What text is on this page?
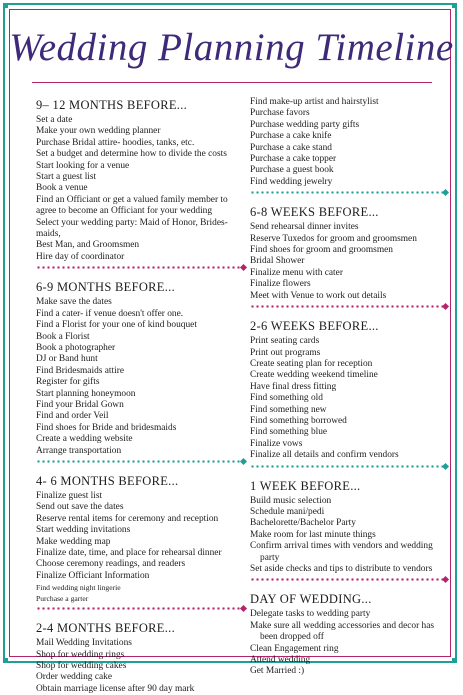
Wedding Planning Timeline
9– 12 MONTHS BEFORE...
Set a date
Make your own wedding planner
Purchase Bridal attire- hoodies, tanks, etc.
Set a budget and determine how to divide the costs
Start looking for a venue
Start a guest list
Book a venue
Find an Officiant or get a valued family member to
agree to become an Officiant for your wedding
Select your wedding party: Maid of Honor, Brides-
maids,
Best Man, and Groomsmen
Hire day of coordinator
6-9 MONTHS BEFORE...
Make save the dates
Find a cater- if venue doesn't offer one.
Find a Florist for your one of kind bouquet
Book a Florist
Book a photographer
DJ or Band hunt
Find Bridesmaids attire
Register for gifts
Start planning honeymoon
Find your Bridal Gown
Find and order Veil
Find shoes for Bride and bridesmaids
Create a wedding website
Arrange transportation
4- 6 MONTHS BEFORE...
Finalize guest list
Send out save the dates
Reserve rental items for ceremony and reception
Start wedding invitations
Make wedding map
Finalize date, time, and place for rehearsal dinner
Choose ceremony readings, and readers
Finalize Officiant Information
Find wedding night lingerie
Purchase a garter
2-4 MONTHS BEFORE...
Mail Wedding Invitations
Shop for wedding rings
Shop for wedding cakes
Order wedding cake
Obtain marriage license after 90 day mark
Find make-up artist and hairstylist
Purchase favors
Purchase wedding party gifts
Purchase a cake knife
Purchase a cake stand
Purchase a cake topper
Purchase a guest book
Find wedding jewelry
6-8 WEEKS BEFORE...
Send rehearsal dinner invites
Reserve Tuxedos for groom and groomsmen
Find shoes for groom and groomsmen
Bridal Shower
Finalize menu with cater
Finalize flowers
Meet with Venue to work out details
2-6 WEEKS BEFORE...
Print seating cards
Print out programs
Create seating plan for reception
Create wedding weekend timeline
Have final dress fitting
Find something old
Find something new
Find something borrowed
Find something blue
Finalize vows
Finalize all details and confirm vendors
1 WEEK BEFORE...
Build music selection
Schedule mani/pedi
Bachelorette/Bachelor Party
Make room for last minute things
Confirm arrival times with vendors and wedding
party
Set aside checks and tips to distribute to vendors
DAY OF WEDDING...
Delegate tasks to wedding party
Make sure all wedding accessories and decor has
been dropped off
Clean Engagement ring
Attend wedding
Get Married :)
